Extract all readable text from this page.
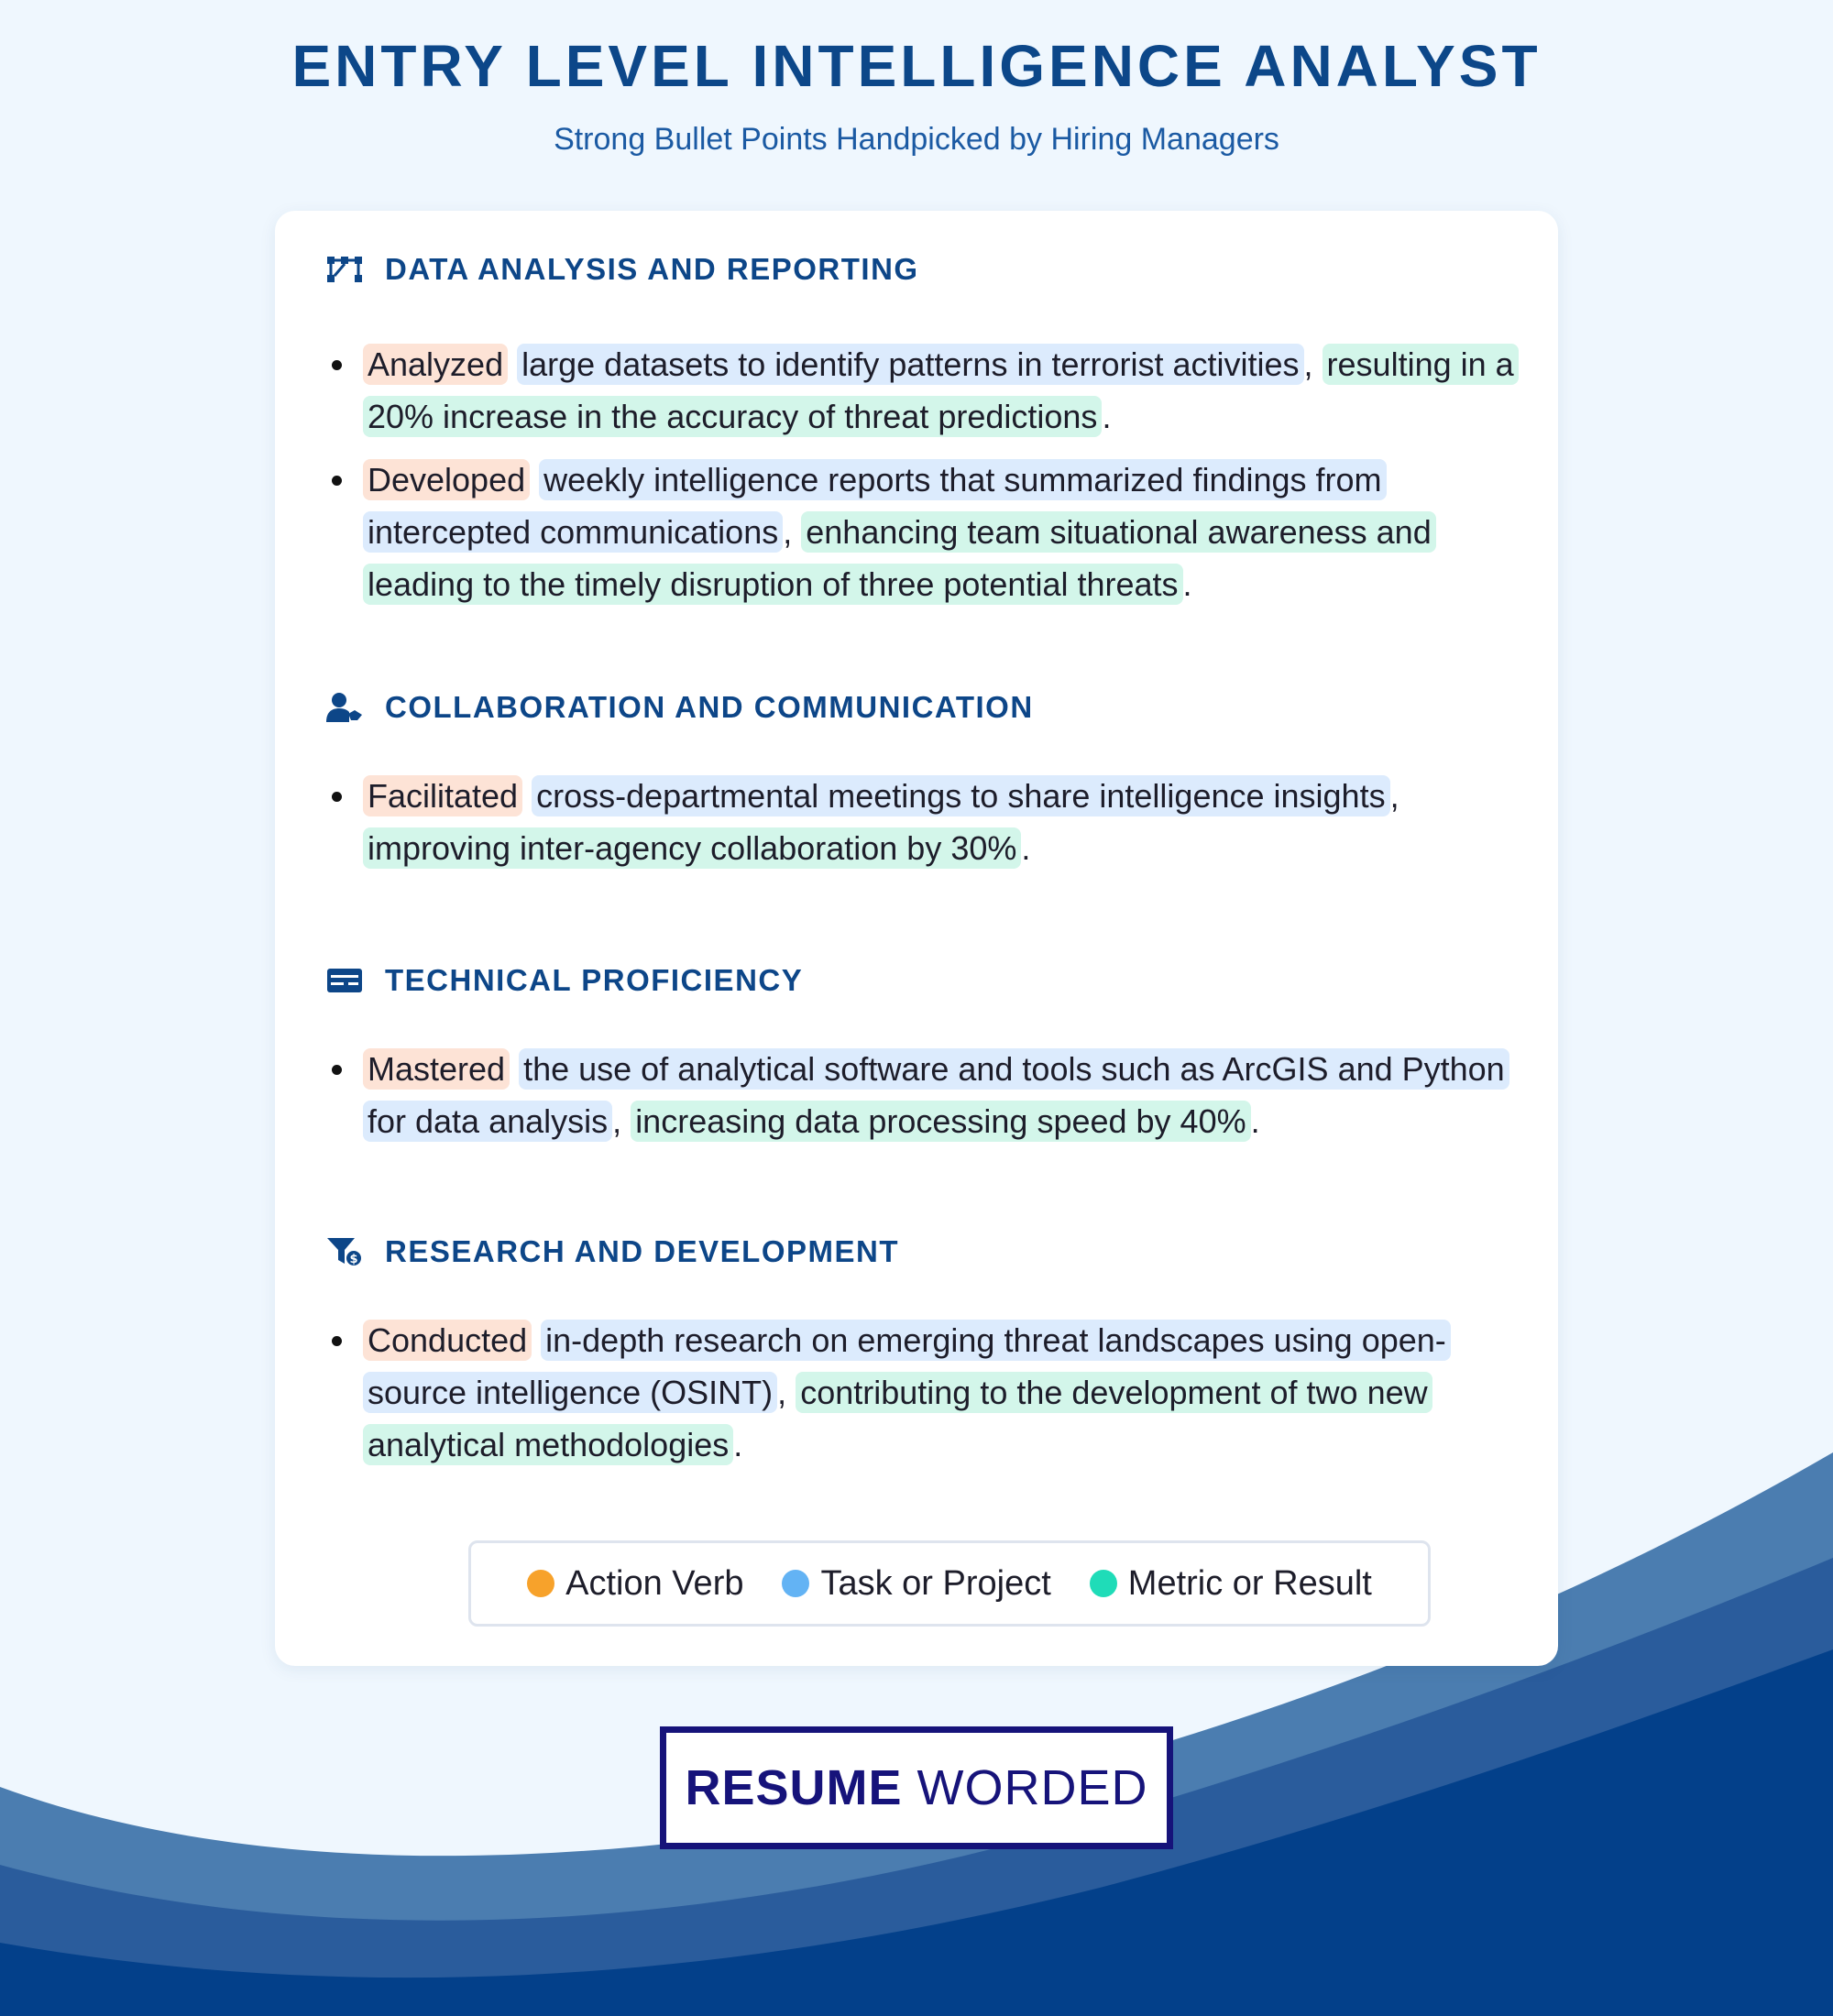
ENTRY LEVEL INTELLIGENCE ANALYST
Strong Bullet Points Handpicked by Hiring Managers
DATA ANALYSIS AND REPORTING
Analyzed large datasets to identify patterns in terrorist activities , resulting in a 20% increase in the accuracy of threat predictions .
Developed weekly intelligence reports that summarized findings from intercepted communications , enhancing team situational awareness and leading to the timely disruption of three potential threats .
COLLABORATION AND COMMUNICATION
Facilitated cross-departmental meetings to share intelligence insights , improving inter-agency collaboration by 30% .
TECHNICAL PROFICIENCY
Mastered the use of analytical software and tools such as ArcGIS and Python for data analysis , increasing data processing speed by 40% .
$ RESEARCH AND DEVELOPMENT
Conducted in-depth research on emerging threat landscapes using open-source intelligence (OSINT) , contributing to the development of two new analytical methodologies .
Action Verb Task or Project Metric or Result
RESUME WORDED
